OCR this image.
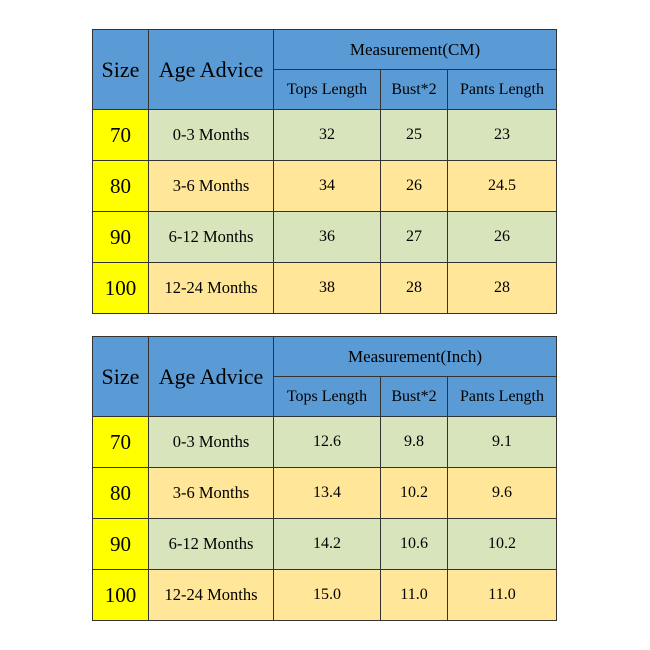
Size	Age Advice	Measurement(CM)		
		Tops Length	Bust*2	Pants Length
70	0-3 Months	32	25	23
80	3-6 Months	34	26	24.5
90	6-12 Months	36	27	26
100	12-24 Months	38	28	28
Size	Age Advice	Measurement(Inch)		
		Tops Length	Bust*2	Pants Length
70	0-3 Months	12.6	9.8	9.1
80	3-6 Months	13.4	10.2	9.6
90	6-12 Months	14.2	10.6	10.2
100	12-24 Months	15.0	11.0	11.0
